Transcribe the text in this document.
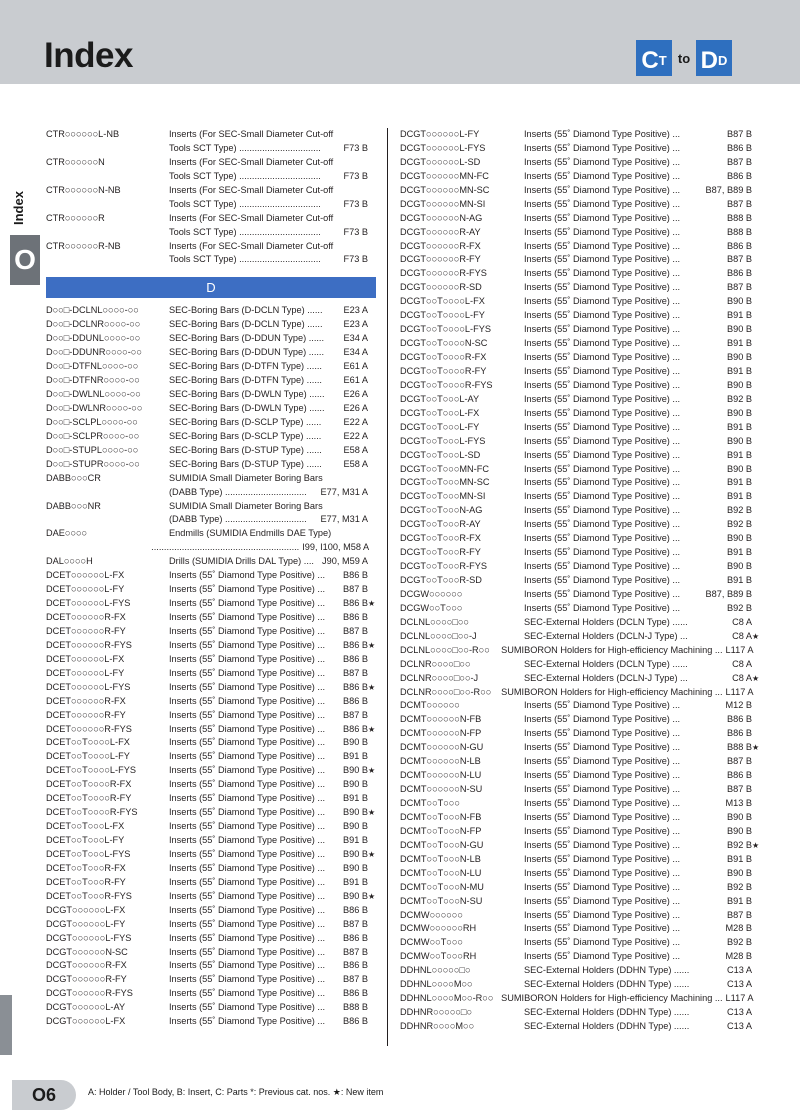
Index	C T to D D
Index
O
CTR○○○○○○L-NB	Inserts (For SEC-Small Diameter Cut-off
Tools SCT Type) ................................	F73 B
CTR○○○○○○N	Inserts (For SEC-Small Diameter Cut-off
Tools SCT Type) ................................	F73 B
CTR○○○○○○N-NB	Inserts (For SEC-Small Diameter Cut-off
Tools SCT Type) ................................	F73 B
CTR○○○○○○R	Inserts (For SEC-Small Diameter Cut-off
Tools SCT Type) ................................	F73 B
CTR○○○○○○R-NB	Inserts (For SEC-Small Diameter Cut-off
Tools SCT Type) ................................	F73 B
D
D○○□-DCLNL○○○○-○○	SEC-Boring Bars (D-DCLN Type) ......	E23 A
D○○□-DCLNR○○○○-○○	SEC-Boring Bars (D-DCLN Type) ......	E23 A
D○○□-DDUNL○○○○-○○	SEC-Boring Bars (D-DDUN Type) ......	E34 A
D○○□-DDUNR○○○○-○○	SEC-Boring Bars (D-DDUN Type) ......	E34 A
D○○□-DTFNL○○○○-○○	SEC-Boring Bars (D-DTFN Type) ......	E61 A
D○○□-DTFNR○○○○-○○	SEC-Boring Bars (D-DTFN Type) ......	E61 A
D○○□-DWLNL○○○○-○○	SEC-Boring Bars (D-DWLN Type) ......	E26 A
D○○□-DWLNR○○○○-○○	SEC-Boring Bars (D-DWLN Type) ......	E26 A
D○○□-SCLPL○○○○-○○	SEC-Boring Bars (D-SCLP Type) ......	E22 A
D○○□-SCLPR○○○○-○○	SEC-Boring Bars (D-SCLP Type) ......	E22 A
D○○□-STUPL○○○○-○○	SEC-Boring Bars (D-STUP Type) ......	E58 A
D○○□-STUPR○○○○-○○	SEC-Boring Bars (D-STUP Type) ......	E58 A
DABB○○○CR	SUMIDIA Small Diameter Boring Bars
(DABB Type) ................................	E77, M31 A
DABB○○○NR	SUMIDIA Small Diameter Boring Bars
(DABB Type) ................................	E77, M31 A
DAE○○○○	Endmills (SUMIDIA Endmills DAE Type)
.......................................................... I99, I100, M58 A
DAL○○○○H	Drills (SUMIDIA Drills DAL Type) .... J90, M59 A
DCET○○○○○○L-FX	Inserts (55˚ Diamond Type Positive) ...	B86 B
DCET○○○○○○L-FY	Inserts (55˚ Diamond Type Positive) ...	B87 B
DCET○○○○○○L-FYS	Inserts (55˚ Diamond Type Positive) ...	B86 B ★
DCET○○○○○○R-FX	Inserts (55˚ Diamond Type Positive) ...	B86 B
DCET○○○○○○R-FY	Inserts (55˚ Diamond Type Positive) ...	B87 B
DCET○○○○○○R-FYS	Inserts (55˚ Diamond Type Positive) ...	B86 B ★
DCET○○○○○○L-FX	Inserts (55˚ Diamond Type Positive) ...	B86 B
DCET○○○○○○L-FY	Inserts (55˚ Diamond Type Positive) ...	B87 B
DCET○○○○○○L-FYS	Inserts (55˚ Diamond Type Positive) ...	B86 B ★
DCET○○○○○○R-FX	Inserts (55˚ Diamond Type Positive) ...	B86 B
DCET○○○○○○R-FY	Inserts (55˚ Diamond Type Positive) ...	B87 B
DCET○○○○○○R-FYS	Inserts (55˚ Diamond Type Positive) ...	B86 B ★
DCET○○T○○○○L-FX	Inserts (55˚ Diamond Type Positive) ...	B90 B
DCET○○T○○○○L-FY	Inserts (55˚ Diamond Type Positive) ...	B91 B
DCET○○T○○○○L-FYS	Inserts (55˚ Diamond Type Positive) ...	B90 B ★
DCET○○T○○○○R-FX	Inserts (55˚ Diamond Type Positive) ...	B90 B
DCET○○T○○○○R-FY	Inserts (55˚ Diamond Type Positive) ...	B91 B
DCET○○T○○○○R-FYS	Inserts (55˚ Diamond Type Positive) ...	B90 B ★
DCET○○T○○○L-FX	Inserts (55˚ Diamond Type Positive) ...	B90 B
DCET○○T○○○L-FY	Inserts (55˚ Diamond Type Positive) ...	B91 B
DCET○○T○○○L-FYS	Inserts (55˚ Diamond Type Positive) ...	B90 B ★
DCET○○T○○○R-FX	Inserts (55˚ Diamond Type Positive) ...	B90 B
DCET○○T○○○R-FY	Inserts (55˚ Diamond Type Positive) ...	B91 B
DCET○○T○○○R-FYS	Inserts (55˚ Diamond Type Positive) ...	B90 B ★
DCGT○○○○○○L-FX	Inserts (55˚ Diamond Type Positive) ...	B86 B
DCGT○○○○○○L-FY	Inserts (55˚ Diamond Type Positive) ...	B87 B
DCGT○○○○○○L-FYS	Inserts (55˚ Diamond Type Positive) ...	B86 B
DCGT○○○○○○N-SC	Inserts (55˚ Diamond Type Positive) ...	B87 B
DCGT○○○○○○R-FX	Inserts (55˚ Diamond Type Positive) ...	B86 B
DCGT○○○○○○R-FY	Inserts (55˚ Diamond Type Positive) ...	B87 B
DCGT○○○○○○R-FYS	Inserts (55˚ Diamond Type Positive) ...	B86 B
DCGT○○○○○○L-AY	Inserts (55˚ Diamond Type Positive) ...	B88 B
DCGT○○○○○○L-FX	Inserts (55˚ Diamond Type Positive) ...	B86 B
DCGT○○○○○○L-FY	Inserts (55˚ Diamond Type Positive) ...	B87 B
DCGT○○○○○○L-FYS	Inserts (55˚ Diamond Type Positive) ...	B86 B
DCGT○○○○○○L-SD	Inserts (55˚ Diamond Type Positive) ...	B87 B
DCGT○○○○○○MN-FC	Inserts (55˚ Diamond Type Positive) ...	B86 B
DCGT○○○○○○MN-SC	Inserts (55˚ Diamond Type Positive) ...	B87, B89 B
DCGT○○○○○○MN-SI	Inserts (55˚ Diamond Type Positive) ...	B87 B
DCGT○○○○○○N-AG	Inserts (55˚ Diamond Type Positive) ...	B88 B
DCGT○○○○○○R-AY	Inserts (55˚ Diamond Type Positive) ...	B88 B
DCGT○○○○○○R-FX	Inserts (55˚ Diamond Type Positive) ...	B86 B
DCGT○○○○○○R-FY	Inserts (55˚ Diamond Type Positive) ...	B87 B
DCGT○○○○○○R-FYS	Inserts (55˚ Diamond Type Positive) ...	B86 B
DCGT○○○○○○R-SD	Inserts (55˚ Diamond Type Positive) ...	B87 B
DCGT○○T○○○○L-FX	Inserts (55˚ Diamond Type Positive) ...	B90 B
DCGT○○T○○○○L-FY	Inserts (55˚ Diamond Type Positive) ...	B91 B
DCGT○○T○○○○L-FYS	Inserts (55˚ Diamond Type Positive) ...	B90 B
DCGT○○T○○○○N-SC	Inserts (55˚ Diamond Type Positive) ...	B91 B
DCGT○○T○○○○R-FX	Inserts (55˚ Diamond Type Positive) ...	B90 B
DCGT○○T○○○○R-FY	Inserts (55˚ Diamond Type Positive) ...	B91 B
DCGT○○T○○○○R-FYS	Inserts (55˚ Diamond Type Positive) ...	B90 B
DCGT○○T○○○L-AY	Inserts (55˚ Diamond Type Positive) ...	B92 B
DCGT○○T○○○L-FX	Inserts (55˚ Diamond Type Positive) ...	B90 B
DCGT○○T○○○L-FY	Inserts (55˚ Diamond Type Positive) ...	B91 B
DCGT○○T○○○L-FYS	Inserts (55˚ Diamond Type Positive) ...	B90 B
DCGT○○T○○○L-SD	Inserts (55˚ Diamond Type Positive) ...	B91 B
DCGT○○T○○○MN-FC	Inserts (55˚ Diamond Type Positive) ...	B90 B
DCGT○○T○○○MN-SC	Inserts (55˚ Diamond Type Positive) ...	B91 B
DCGT○○T○○○MN-SI	Inserts (55˚ Diamond Type Positive) ...	B91 B
DCGT○○T○○○N-AG	Inserts (55˚ Diamond Type Positive) ...	B92 B
DCGT○○T○○○R-AY	Inserts (55˚ Diamond Type Positive) ...	B92 B
DCGT○○T○○○R-FX	Inserts (55˚ Diamond Type Positive) ...	B90 B
DCGT○○T○○○R-FY	Inserts (55˚ Diamond Type Positive) ...	B91 B
DCGT○○T○○○R-FYS	Inserts (55˚ Diamond Type Positive) ...	B90 B
DCGT○○T○○○R-SD	Inserts (55˚ Diamond Type Positive) ...	B91 B
DCGW○○○○○○	Inserts (55˚ Diamond Type Positive) ...	B87, B89 B
DCGW○○T○○○	Inserts (55˚ Diamond Type Positive) ...	B92 B
DCLNL○○○○□○○	SEC-External Holders (DCLN Type) ......	C8 A
DCLNL○○○○□○○-J	SEC-External Holders (DCLN-J Type) ...	C8 A ★
DCLNL○○○○□○○-R○○	SUMIBORON Holders for High-efficiency Machining ... L117 A
DCLNR○○○○□○○	SEC-External Holders (DCLN Type) ......	C8 A
DCLNR○○○○□○○-J	SEC-External Holders (DCLN-J Type) ...	C8 A ★
DCLNR○○○○□○○-R○○	SUMIBORON Holders for High-efficiency Machining ... L117 A
DCMT○○○○○○	Inserts (55˚ Diamond Type Positive) ...	M12 B
DCMT○○○○○○N-FB	Inserts (55˚ Diamond Type Positive) ...	B86 B
DCMT○○○○○○N-FP	Inserts (55˚ Diamond Type Positive) ...	B86 B
DCMT○○○○○○N-GU	Inserts (55˚ Diamond Type Positive) ...	B88 B ★
DCMT○○○○○○N-LB	Inserts (55˚ Diamond Type Positive) ...	B87 B
DCMT○○○○○○N-LU	Inserts (55˚ Diamond Type Positive) ...	B86 B
DCMT○○○○○○N-SU	Inserts (55˚ Diamond Type Positive) ...	B87 B
DCMT○○T○○○	Inserts (55˚ Diamond Type Positive) ...	M13 B
DCMT○○T○○○N-FB	Inserts (55˚ Diamond Type Positive) ...	B90 B
DCMT○○T○○○N-FP	Inserts (55˚ Diamond Type Positive) ...	B90 B
DCMT○○T○○○N-GU	Inserts (55˚ Diamond Type Positive) ...	B92 B ★
DCMT○○T○○○N-LB	Inserts (55˚ Diamond Type Positive) ...	B91 B
DCMT○○T○○○N-LU	Inserts (55˚ Diamond Type Positive) ...	B90 B
DCMT○○T○○○N-MU	Inserts (55˚ Diamond Type Positive) ...	B92 B
DCMT○○T○○○N-SU	Inserts (55˚ Diamond Type Positive) ...	B91 B
DCMW○○○○○○	Inserts (55˚ Diamond Type Positive) ...	B87 B
DCMW○○○○○○RH	Inserts (55˚ Diamond Type Positive) ...	M28 B
DCMW○○T○○○	Inserts (55˚ Diamond Type Positive) ...	B92 B
DCMW○○T○○○RH	Inserts (55˚ Diamond Type Positive) ...	M28 B
DDHNL○○○○○□○	SEC-External Holders (DDHN Type) ......	C13 A
DDHNL○○○○M○○	SEC-External Holders (DDHN Type) ......	C13 A
DDHNL○○○○M○○-R○○ SUMIBORON Holders for High-efficiency Machining ... L117 A
DDHNR○○○○○□○	SEC-External Holders (DDHN Type) ......	C13 A
DDHNR○○○○M○○	SEC-External Holders (DDHN Type) ......	C13 A
O6	A: Holder / Tool Body, B: Insert, C: Parts *: Previous cat. nos. ★: New item
